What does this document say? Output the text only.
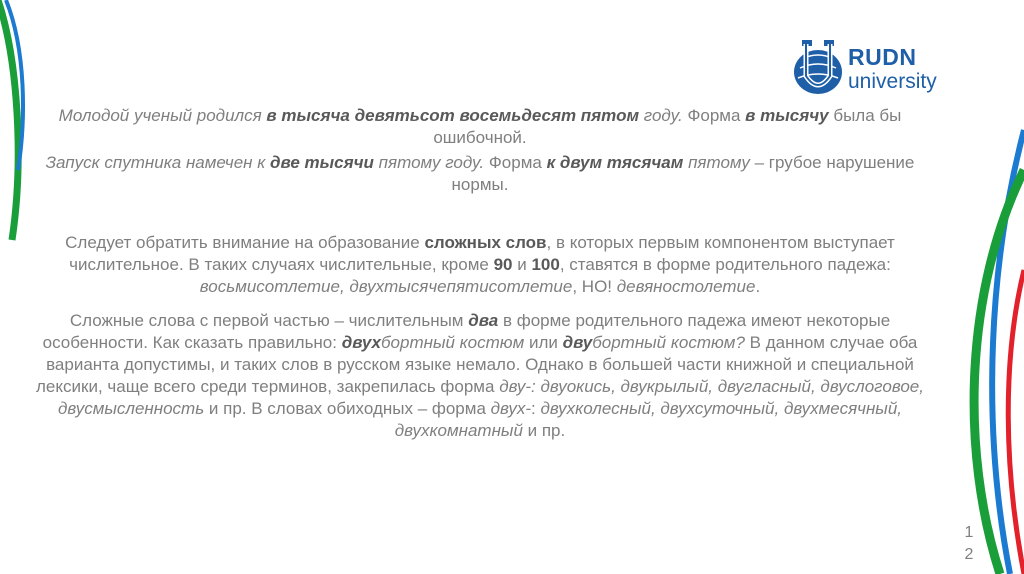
RUDN
university

Молодой ученый родился в тысяча девятьсот восемьдесят пятом году. Форма в тысячу была бы ошибочной.

Запуск спутника намечен к две тысячи пятому году. Форма к двум тясячам пятому – грубое нарушение нормы.

Следует обратить внимание на образование сложных слов, в которых первым компонентом выступает числительное. В таких случаях числительные, кроме 90 и 100, ставятся в форме родительного падежа: восьмисотлетие, двухтысячепятисотлетие, НО! девяностолетие.

Сложные слова с первой частью – числительным два в форме родительного падежа имеют некоторые особенности. Как сказать правильно: двухбортный костюм или двубортный костюм? В данном случае оба варианта допустимы, и таких слов в русском языке немало. Однако в большей части книжной и специальной лексики, чаще всего среди терминов, закрепилась форма дву-: двуокись, двукрылый, двугласный, двуслоговое, двусмысленность и пр. В словах обиходных – форма двух-: двухколесный, двухсуточный, двухмесячный, двухкомнатный и пр.

1
2
